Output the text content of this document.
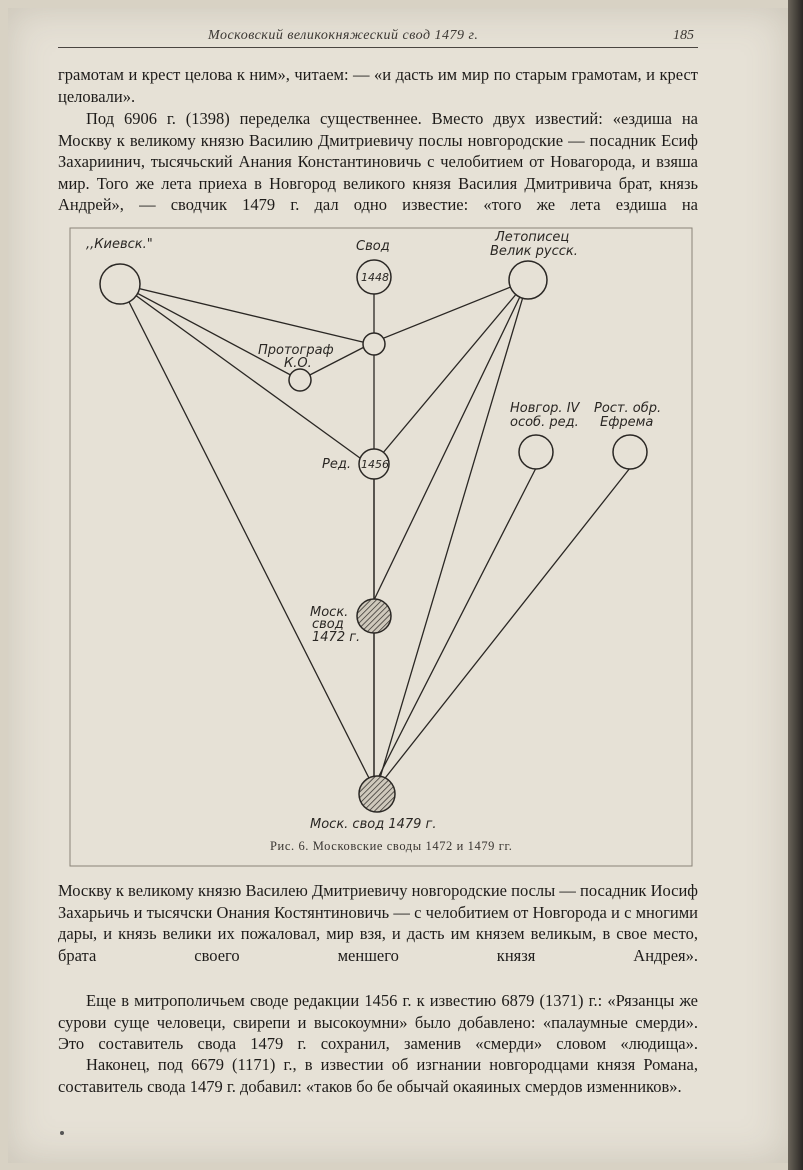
Московский великокняжеский свод 1479 г.	185

грамотам и крест целова к ним», читаем: — «и дасть им мир по старым грамотам, и крест целовали».

Под 6906 г. (1398) переделка существеннее. Вместо двух известий: «ездиша на Москву к великому князю Василию Дмитриевичу послы новгородские — посадник Есиф Захариинич, тысячьский Анания Константиновичь с челобитием от Новагорода, и взяша мир. Того же лета приеха в Новгород великого князя Василия Дмитривича брат, князь Андрей», — сводчик 1479 г. дал одно известие: «того же лета ездиша на

,,Киевск."	Свод
1448
Летописец
Велик русск.
Протограф
К.О.
Ред. 1456
Новгор. IV
особ. ред.
Рост. обр.
Ефрема
Моск.
свод
1472 г.
Моск. свод 1479 г.
Рис. 6. Московские своды 1472 и 1479 гг.

Москву к великому князю Василею Дмитриевичу новгородские послы — посадник Иосиф Захарьичь и тысячски Онания Костянтиновичь — с челобитием от Новгорода и с многими дары, и князь велики их пожаловал, мир взя, и дасть им князем великым, в свое место, брата своего меншего князя Андрея».

Еще в митрополичьем своде редакции 1456 г. к известию 6879 (1371) г.: «Рязанцы же сурови суще человеци, свирепи и высокоумни» было добавлено: «палаумные смерди». Это составитель свода 1479 г. сохранил, заменив «смерди» словом «людища».

Наконец, под 6679 (1171) г., в известии об изгнании новгородцами князя Романа, составитель свода 1479 г. добавил: «таков бо бе обычай окаяиных смердов изменников».
